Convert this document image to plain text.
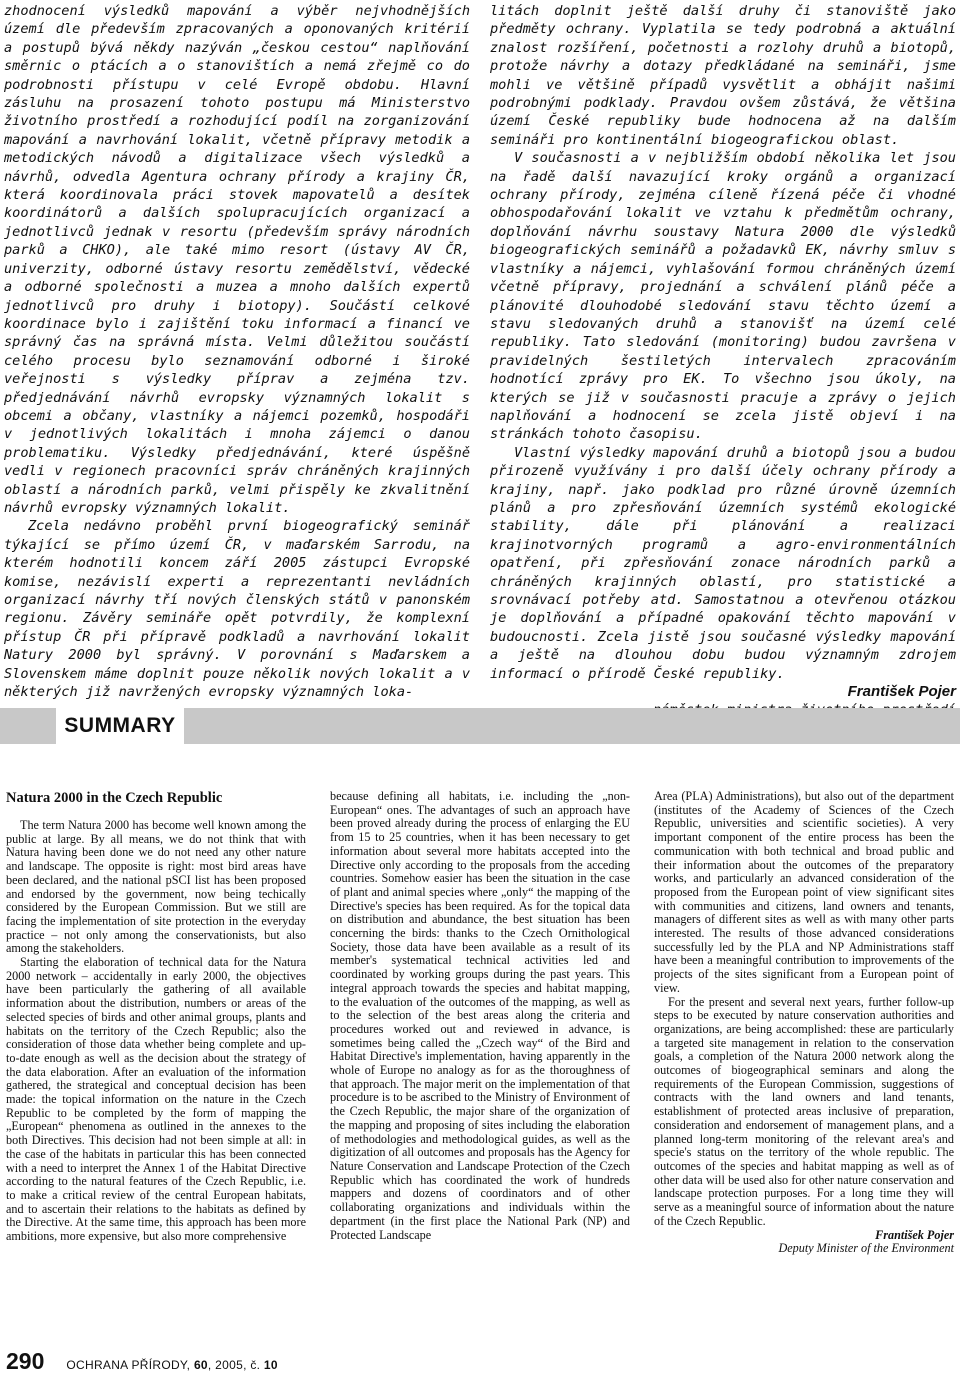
zhodnocení výsledků mapování a výběr nejvhodnějších území dle především zpracovaných a oponovaných kritérií a postupů bývá někdy nazýván „českou cestou“ naplňování směrnic o ptácích a o stanovištích a nemá zřejmě co do podrobnosti přístupu v celé Evropě obdobu. Hlavní zásluhu na prosazení tohoto postupu má Ministerstvo životního prostředí a rozhodující podíl na zorganizování mapování a navrhování lokalit, včetně přípravy metodik a metodických návodů a digitalizace všech výsledků a návrhů, odvedla Agentura ochrany přírody a krajiny ČR, která koordinovala práci stovek mapovatelů a desítek koordinátorů a dalších spolupracujících organizací a jednotlivců jednak v resortu (především správy národních parků a CHKO), ale také mimo resort (ústavy AV ČR, univerzity, odborné ústavy resortu zemědělství, vědecké a odborné společnosti a muzea a mnoho dalších expertů jednotlivců pro druhy i biotopy). Součástí celkové koordinace bylo i zajištění toku informací a financí ve správný čas na správná místa. Velmi důležitou součástí celého procesu bylo seznamování odborné i široké veřejnosti s výsledky příprav a zejména tzv. předjednávání návrhů evropsky významných lokalit s obcemi a občany, vlastníky a nájemci pozemků, hospodáři v jednotlivých lokalitách i mnoha zájemci o danou problematiku. Výsledky předjednávání, které úspěšně vedli v regionech pracovníci správ chráněných krajinných oblastí a národních parků, velmi přispěly ke zkvalitnění návrhů evropsky významných lokalit.

Zcela nedávno proběhl první biogeografický seminář týkající se přímo území ČR, v maďarském Sarrodu, na kterém hodnotili koncem září 2005 zástupci Evropské komise, nezávislí experti a reprezentanti nevládních organizací návrhy tří nových členských států v panonském regionu. Závěry semináře opět potvrdily, že komplexní přístup ČR při přípravě podkladů a navrhování lokalit Natury 2000 byl správný. V porovnání s Maďarskem a Slovenskem máme doplnit pouze několik nových lokalit a v některých již navržených evropsky významných loka-

litách doplnit ještě další druhy či stanoviště jako předměty ochrany. Vyplatila se tedy podrobná a aktuální znalost rozšíření, početnosti a rozlohy druhů a biotopů, protože návrhy a dotazy předkládané na semináři, jsme mohli ve většině případů vysvětlit a obhájit našimi podrobnými podklady. Pravdou ovšem zůstává, že většina území České republiky bude hodnocena až na dalším semináři pro kontinentální biogeografickou oblast.

V současnosti a v nejbližším období několika let jsou na řadě další navazující kroky orgánů a organizací ochrany přírody, zejména cíleně řízená péče či vhodné obhospodařování lokalit ve vztahu k předmětům ochrany, doplňování návrhu soustavy Natura 2000 dle výsledků biogeografických seminářů a požadavků EK, návrhy smluv s vlastníky a nájemci, vyhlašování formou chráněných území včetně přípravy, projednání a schválení plánů péče a plánovité dlouhodobé sledování stavu těchto území a stavu sledovaných druhů a stanovišť na území celé republiky. Tato sledování (monitoring) budou završena v pravidelných šestiletých intervalech zpracováním hodnotící zprávy pro EK. To všechno jsou úkoly, na kterých se již v současnosti pracuje a zprávy o jejich naplňování a hodnocení se zcela jistě objeví i na stránkách tohoto časopisu.

Vlastní výsledky mapování druhů a biotopů jsou a budou přirozeně využívány i pro další účely ochrany přírody a krajiny, např. jako podklad pro různé úrovně územních plánů a pro zpřesňování územních systémů ekologické stability, dále při plánování a realizaci krajinotvorných programů a agro-environmentálních opatření, při zpřesňování zonace národních parků a chráněných krajinných oblastí, pro statistické a srovnávací potřeby atd. Samostatnou a otevřenou otázkou je doplňování a případné opakování těchto mapování v budoucnosti. Zcela jistě jsou současné výsledky mapování a ještě na dlouhou dobu budou významným zdrojem informací o přírodě České republiky.

František Pojer

SUMMARY

Natura 2000 in the Czech Republic

The term Natura 2000 has become well known among the public at large. By all means, we do not think that with Natura having been done we do not need any other nature and landscape. The opposite is right: most bird areas have been declared, and the national pSCI list has been proposed and endorsed by the government, now being techically considered by the European Commission. But we still are facing the implementation of site protection in the everyday practice – not only among the conservationists, but also among the stakeholders.

Starting the elaboration of technical data for the Natura 2000 network – accidentally in early 2000, the objectives have been particularly the gathering of all available information about the distribution, numbers or areas of the selected species of birds and other animal groups, plants and habitats on the territory of the Czech Republic; also the consideration of those data whether being complete and up-to-date enough as well as the decision about the strategy of the data elaboration. After an evaluation of the information gathered, the strategical and conceptual decision has been made: the topical information on the nature in the Czech Republic to be completed by the form of mapping the „European“ phenomena as outlined in the annexes to the both Directives. This decision had not been simple at all: in the case of the habitats in particular this has been connected with a need to interpret the Annex 1 of the Habitat Directive according to the natural features of the Czech Republic, i.e. to make a critical review of the central European habitats, and to ascertain their relations to the habitats as defined by the Directive. At the same time, this approach has been more ambitions, more expensive, but also more comprehensive

because defining all habitats, i.e. including the „non-European“ ones. The advantages of such an approach have been proved already during the process of enlarging the EU from 15 to 25 countries, when it has been necessary to get information about several more habitats accepted into the Directive only according to the proposals from the acceding countries. Somehow easier has been the situation in the case of plant and animal species where „only“ the mapping of the Directive's species has been required. As for the topical data on distribution and abundance, the best situation has been concerning the birds: thanks to the Czech Ornithological Society, those data have been available as a result of its member's systematical technical activities led and coordinated by working groups during the past years. This integral approach towards the species and habitat mapping, to the evaluation of the outcomes of the mapping, as well as to the selection of the best areas along the criteria and procedures worked out and reviewed in advance, is sometimes being called the „Czech way“ of the Bird and Habitat Directive's implementation, having apparently in the whole of Europe no analogy as for as the thoroughness of that approach. The major merit on the implementation of that procedure is to be ascribed to the Ministry of Environment of the Czech Republic, the major share of the organization of the mapping and proposing of sites including the elaboration of methodologies and methodological guides, as well as the digitization of all outcomes and proposals has the Agency for Nature Conservation and Landscape Protection of the Czech Republic which has coordinated the work of hundreds mappers and dozens of coordinators and of other collaborating organizations and individuals within the department (in the first place the National Park (NP) and Protected Landscape

Area (PLA) Administrations), but also out of the department (institutes of the Academy of Sciences of the Czech Republic, universities and scientific societies). A very important component of the entire process has been the communication with both technical and broad public and their information about the outcomes of the preparatory works, and particularly an advanced consideration of the proposed from the European point of view significant sites with communities and citizens, land owners and tenants, managers of different sites as well as with many other parts interested. The results of those advanced considerations successfully led by the PLA and NP Administrations staff have been a meaningful contribution to improvements of the projects of the sites significant from a European point of view.

For the present and several next years, further follow-up steps to be executed by nature conservation authorities and organizations, are being accomplished: these are particularly a targeted site management in relation to the conservation goals, a completion of the Natura 2000 network along the outcomes of biogeographical seminars and along the requirements of the European Commission, suggestions of contracts with the land owners and land tenants, establishment of protected areas inclusive of preparation, consideration and endorsement of management plans, and a planned long-term monitoring of the relevant area's and specie's status on the territory of the whole republic. The outcomes of the species and habitat mapping as well as of other data will be used also for other nature conservation and landscape protection purposes. For a long time they will serve as a meaningful source of information about the nature of the Czech Republic.

František Pojer

Deputy Minister of the Environment

290 OCHRANA PŘÍRODY, 60, 2005, č. 10
